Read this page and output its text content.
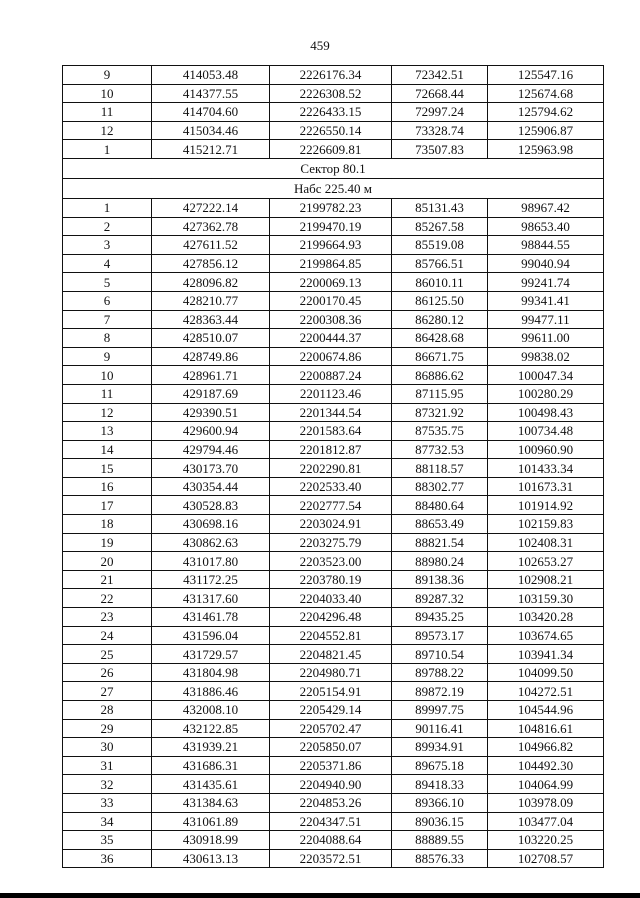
459
9	414053.48	2226176.34	72342.51	125547.16
10	414377.55	2226308.52	72668.44	125674.68
11	414704.60	2226433.15	72997.24	125794.62
12	415034.46	2226550.14	73328.74	125906.87
1	415212.71	2226609.81	73507.83	125963.98
Сектор 80.1				
Набс 225.40 м				
1	427222.14	2199782.23	85131.43	98967.42
2	427362.78	2199470.19	85267.58	98653.40
3	427611.52	2199664.93	85519.08	98844.55
4	427856.12	2199864.85	85766.51	99040.94
5	428096.82	2200069.13	86010.11	99241.74
6	428210.77	2200170.45	86125.50	99341.41
7	428363.44	2200308.36	86280.12	99477.11
8	428510.07	2200444.37	86428.68	99611.00
9	428749.86	2200674.86	86671.75	99838.02
10	428961.71	2200887.24	86886.62	100047.34
11	429187.69	2201123.46	87115.95	100280.29
12	429390.51	2201344.54	87321.92	100498.43
13	429600.94	2201583.64	87535.75	100734.48
14	429794.46	2201812.87	87732.53	100960.90
15	430173.70	2202290.81	88118.57	101433.34
16	430354.44	2202533.40	88302.77	101673.31
17	430528.83	2202777.54	88480.64	101914.92
18	430698.16	2203024.91	88653.49	102159.83
19	430862.63	2203275.79	88821.54	102408.31
20	431017.80	2203523.00	88980.24	102653.27
21	431172.25	2203780.19	89138.36	102908.21
22	431317.60	2204033.40	89287.32	103159.30
23	431461.78	2204296.48	89435.25	103420.28
24	431596.04	2204552.81	89573.17	103674.65
25	431729.57	2204821.45	89710.54	103941.34
26	431804.98	2204980.71	89788.22	104099.50
27	431886.46	2205154.91	89872.19	104272.51
28	432008.10	2205429.14	89997.75	104544.96
29	432122.85	2205702.47	90116.41	104816.61
30	431939.21	2205850.07	89934.91	104966.82
31	431686.31	2205371.86	89675.18	104492.30
32	431435.61	2204940.90	89418.33	104064.99
33	431384.63	2204853.26	89366.10	103978.09
34	431061.89	2204347.51	89036.15	103477.04
35	430918.99	2204088.64	88889.55	103220.25
36	430613.13	2203572.51	88576.33	102708.57
